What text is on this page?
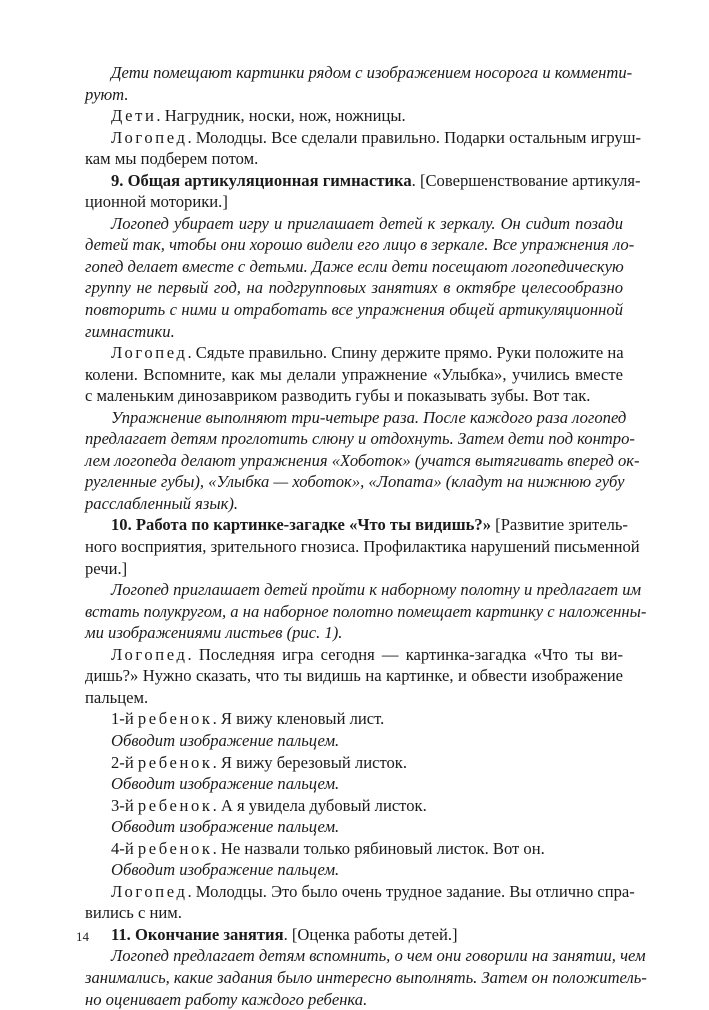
Дети помещают картинки рядом с изображением носорога и комменти-
руют.
Дети. Нагрудник, носки, нож, ножницы.
Логопед. Молодцы. Все сделали правильно. Подарки остальным игруш-
кам мы подберем потом.
9. Общая артикуляционная гимнастика. [Совершенствование артикуля-
ционной моторики.]
Логопед убирает игру и приглашает детей к зеркалу. Он сидит позади
детей так, чтобы они хорошо видели его лицо в зеркале. Все упражнения ло-
гопед делает вместе с детьми. Даже если дети посещают логопедическую
группу не первый год, на подгрупповых занятиях в октябре целесообразно
повторить с ними и отработать все упражнения общей артикуляционной
гимнастики.
Логопед. Сядьте правильно. Спину держите прямо. Руки положите на
колени. Вспомните, как мы делали упражнение «Улыбка», учились вместе
с маленьким динозавриком разводить губы и показывать зубы. Вот так.
Упражнение выполняют три-четыре раза. После каждого раза логопед
предлагает детям проглотить слюну и отдохнуть. Затем дети под контро-
лем логопеда делают упражнения «Хоботок» (учатся вытягивать вперед ок-
ругленные губы), «Улыбка — хоботок», «Лопата» (кладут на нижнюю губу
расслабленный язык).
10. Работа по картинке-загадке «Что ты видишь?» [Развитие зритель-
ного восприятия, зрительного гнозиса. Профилактика нарушений письменной
речи.]
Логопед приглашает детей пройти к наборному полотну и предлагает им
встать полукругом, а на наборное полотно помещает картинку с наложенны-
ми изображениями листьев (рис. 1).
Логопед. Последняя игра сегодня — картинка-загадка «Что ты ви-
дишь?» Нужно сказать, что ты видишь на картинке, и обвести изображение
пальцем.
1-й ребенок. Я вижу кленовый лист.
Обводит изображение пальцем.
2-й ребенок. Я вижу березовый листок.
Обводит изображение пальцем.
3-й ребенок. А я увидела дубовый листок.
Обводит изображение пальцем.
4-й ребенок. Не назвали только рябиновый листок. Вот он.
Обводит изображение пальцем.
Логопед. Молодцы. Это было очень трудное задание. Вы отлично спра-
вились с ним.
11. Окончание занятия. [Оценка работы детей.]
Логопед предлагает детям вспомнить, о чем они говорили на занятии, чем
занимались, какие задания было интересно выполнять. Затем он положитель-
но оценивает работу каждого ребенка.
14
